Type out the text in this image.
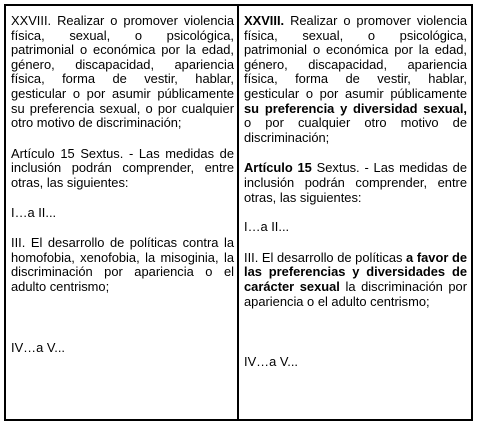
XXVIII. Realizar o promover violencia física, sexual, o psicológica, patrimonial o económica por la edad, género, discapacidad, apariencia física, forma de vestir, hablar, gesticular o por asumir públicamente su preferencia sexual, o por cualquier otro motivo de discriminación;

Artículo 15 Sextus. - Las medidas de inclusión podrán comprender, entre otras, las siguientes:

I…a II...

III. El desarrollo de políticas contra la homofobia, xenofobia, la misoginia, la discriminación por apariencia o el adulto centrismo;

IV…a V...

XXVIII. Realizar o promover violencia física, sexual, o psicológica, patrimonial o económica por la edad, género, discapacidad, apariencia física, forma de vestir, hablar, gesticular o por asumir públicamente su preferencia y diversidad sexual, o por cualquier otro motivo de discriminación;

Artículo 15 Sextus. - Las medidas de inclusión podrán comprender, entre otras, las siguientes:

I…a II...

III. El desarrollo de políticas a favor de las preferencias y diversidades de carácter sexual la discriminación por apariencia o el adulto centrismo;

IV…a V...
